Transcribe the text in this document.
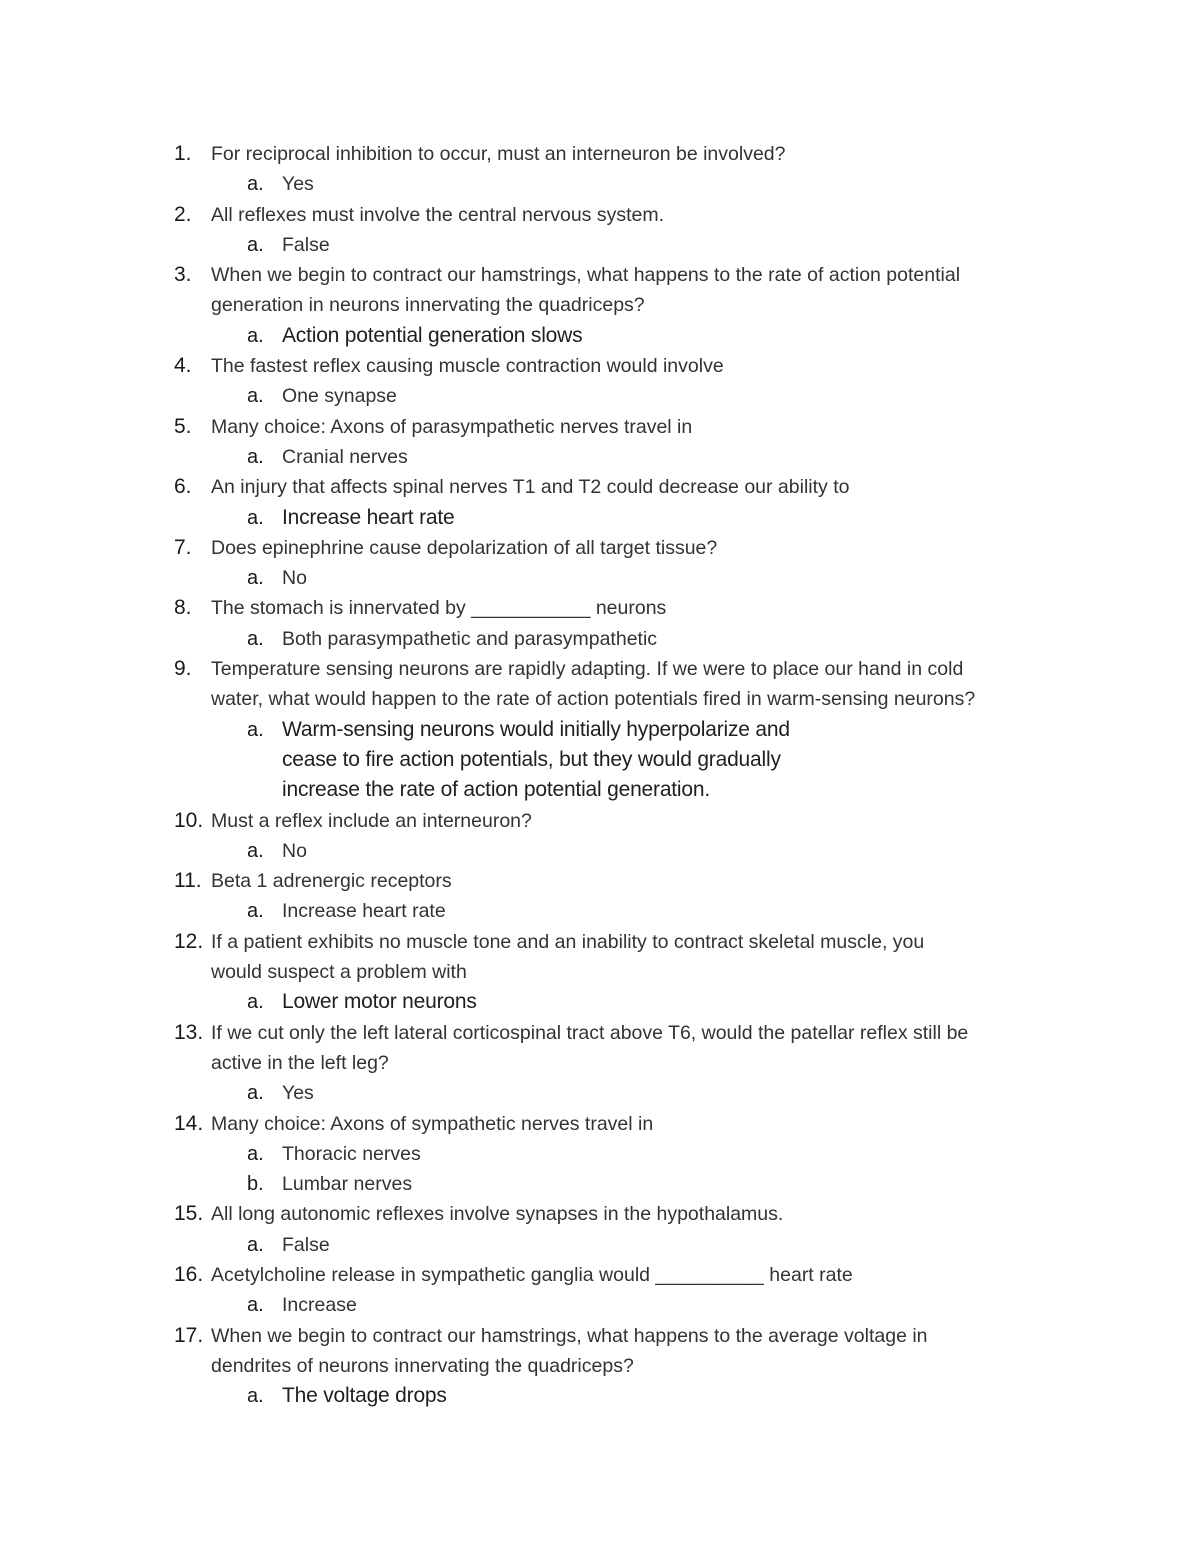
1. For reciprocal inhibition to occur, must an interneuron be involved?
a. Yes
2. All reflexes must involve the central nervous system.
a. False
3. When we begin to contract our hamstrings, what happens to the rate of action potential
generation in neurons innervating the quadriceps?
a. Action potential generation slows
4. The fastest reflex causing muscle contraction would involve
a. One synapse
5. Many choice: Axons of parasympathetic nerves travel in
a. Cranial nerves
6. An injury that affects spinal nerves T1 and T2 could decrease our ability to
a. Increase heart rate
7. Does epinephrine cause depolarization of all target tissue?
a. No
8. The stomach is innervated by ___________ neurons
a. Both parasympathetic and parasympathetic
9. Temperature sensing neurons are rapidly adapting. If we were to place our hand in cold
water, what would happen to the rate of action potentials fired in warm-sensing neurons?
a. Warm-sensing neurons would initially hyperpolarize and
cease to fire action potentials, but they would gradually
increase the rate of action potential generation.
10. Must a reflex include an interneuron?
a. No
11. Beta 1 adrenergic receptors
a. Increase heart rate
12. If a patient exhibits no muscle tone and an inability to contract skeletal muscle, you
would suspect a problem with
a. Lower motor neurons
13. If we cut only the left lateral corticospinal tract above T6, would the patellar reflex still be
active in the left leg?
a. Yes
14. Many choice: Axons of sympathetic nerves travel in
a. Thoracic nerves
b. Lumbar nerves
15. All long autonomic reflexes involve synapses in the hypothalamus.
a. False
16. Acetylcholine release in sympathetic ganglia would __________ heart rate
a. Increase
17. When we begin to contract our hamstrings, what happens to the average voltage in
dendrites of neurons innervating the quadriceps?
a. The voltage drops
